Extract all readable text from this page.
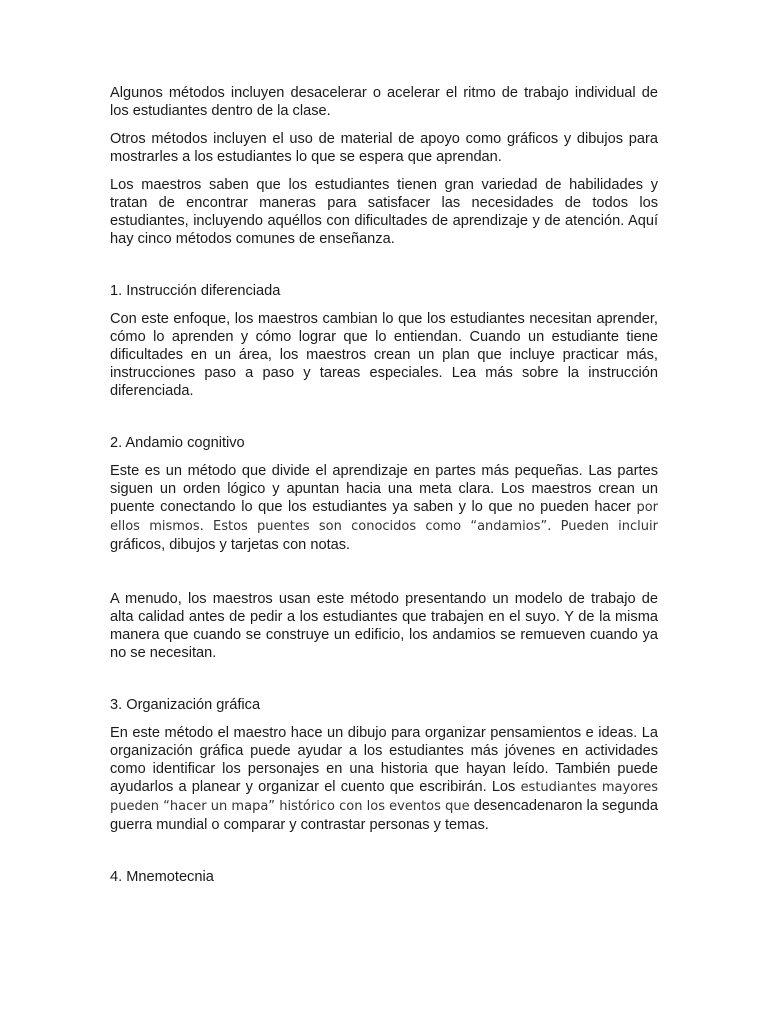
Algunos métodos incluyen desacelerar o acelerar el ritmo de trabajo individual de los estudiantes dentro de la clase.

Otros métodos incluyen el uso de material de apoyo como gráficos y dibujos para mostrarles a los estudiantes lo que se espera que aprendan.

Los maestros saben que los estudiantes tienen gran variedad de habilidades y tratan de encontrar maneras para satisfacer las necesidades de todos los estudiantes, incluyendo aquéllos con dificultades de aprendizaje y de atención. Aquí hay cinco métodos comunes de enseñanza.

1. Instrucción diferenciada

Con este enfoque, los maestros cambian lo que los estudiantes necesitan aprender, cómo lo aprenden y cómo lograr que lo entiendan. Cuando un estudiante tiene dificultades en un área, los maestros crean un plan que incluye practicar más, instrucciones paso a paso y tareas especiales. Lea más sobre la instrucción diferenciada.

2. Andamio cognitivo

Este es un método que divide el aprendizaje en partes más pequeñas. Las partes siguen un orden lógico y apuntan hacia una meta clara. Los maestros crean un puente conectando lo que los estudiantes ya saben y lo que no pueden hacer por ellos mismos. Estos puentes son conocidos como “andamios”. Pueden incluir gráficos, dibujos y tarjetas con notas.

A menudo, los maestros usan este método presentando un modelo de trabajo de alta calidad antes de pedir a los estudiantes que trabajen en el suyo. Y de la misma manera que cuando se construye un edificio, los andamios se remueven cuando ya no se necesitan.

3. Organización gráfica

En este método el maestro hace un dibujo para organizar pensamientos e ideas. La organización gráfica puede ayudar a los estudiantes más jóvenes en actividades como identificar los personajes en una historia que hayan leído. También puede ayudarlos a planear y organizar el cuento que escribirán. Los estudiantes mayores pueden “hacer un mapa” histórico con los eventos que desencadenaron la segunda guerra mundial o comparar y contrastar personas y temas.

4. Mnemotecnia
